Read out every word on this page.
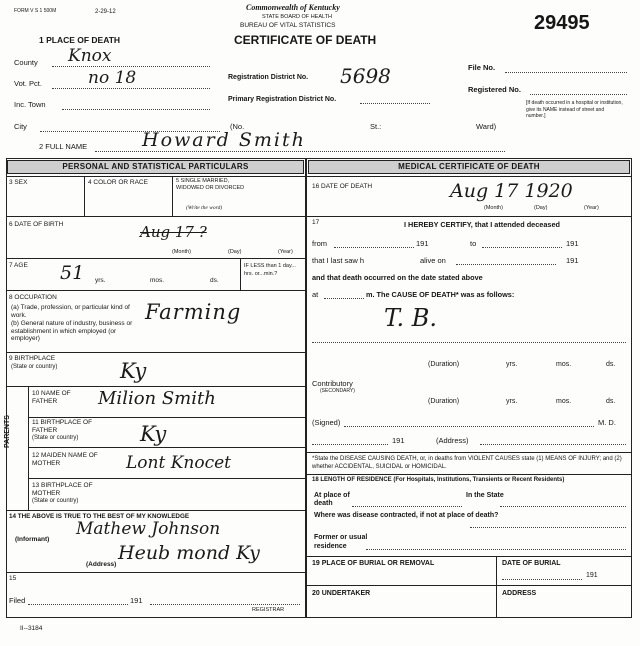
FORM V S 1 500M	2-29-12	Commonwealth of Kentucky
STATE BOARD OF HEALTH
BUREAU OF VITAL STATISTICS
CERTIFICATE OF DEATH
29495
1 PLACE OF DEATH
County Knox
Vot. Pct.	no 18
Inc. Town
City
Registration District No. 5698
Primary Registration District No.
File No.
Registered No.
(No.	St.:	Ward)
[If death occurred in a hospital or institution, give its NAME instead of street and number.]
2 FULL NAME	Howard Smith
PERSONAL AND STATISTICAL PARTICULARS	MEDICAL CERTIFICATE OF DEATH
3 SEX	4 COLOR OR RACE	5 SINGLE MARRIED, WIDOWED OR DIVORCED
(Write the word)
6 DATE OF BIRTH	Aug 17 ?
(Month)	(Day)	(Year)
7 AGE 51 yrs.	mos.	ds.
IF LESS than 1 day... hrs. or...min.?
8 OCCUPATION
(a) Trade, profession, or particular kind of work.
(b) General nature of industry, business or establishment in which employed (or employer)
Farming
9 BIRTHPLACE
(State or country)	Ky
PARENTS
10 NAME OF FATHER	Milion Smith
11 BIRTHPLACE OF FATHER
(State or country)	Ky
12 MAIDEN NAME OF MOTHER	Lont Knocet
13 BIRTHPLACE OF MOTHER
(State or country)
14 THE ABOVE IS TRUE TO THE BEST OF MY KNOWLEDGE
(Informant)
Mathew Johnson
(Address)
Heub mond Ky
15
Filed	191
REGISTRAR
16 DATE OF DEATH	Aug 17 1920
(Month)	(Day)	(Year)
17	I HEREBY CERTIFY, that I attended deceased
from	191	to	191
that I last saw h	alive on	191
and that death occurred on the date stated above
at	m. The CAUSE OF DEATH* was as follows:
T. B.
(Duration)	yrs.	mos.	ds.
Contributory
(SECONDARY)
(Duration)	yrs.	mos.	ds.
(Signed)	M. D.
191	(Address)
*State the DISEASE CAUSING DEATH, or, in deaths from VIOLENT CAUSES state (1) MEANS OF INJURY; and (2) whether ACCIDENTAL, SUICIDAL or HOMICIDAL.
18 LENGTH OF RESIDENCE (For Hospitals, Institutions, Transients or Recent Residents)
At place of death
In the State
Where was disease contracted, if not at place of death?
Former or usual residence
19 PLACE OF BURIAL OR REMOVAL	DATE OF BURIAL
191
20 UNDERTAKER	ADDRESS
II--3184
